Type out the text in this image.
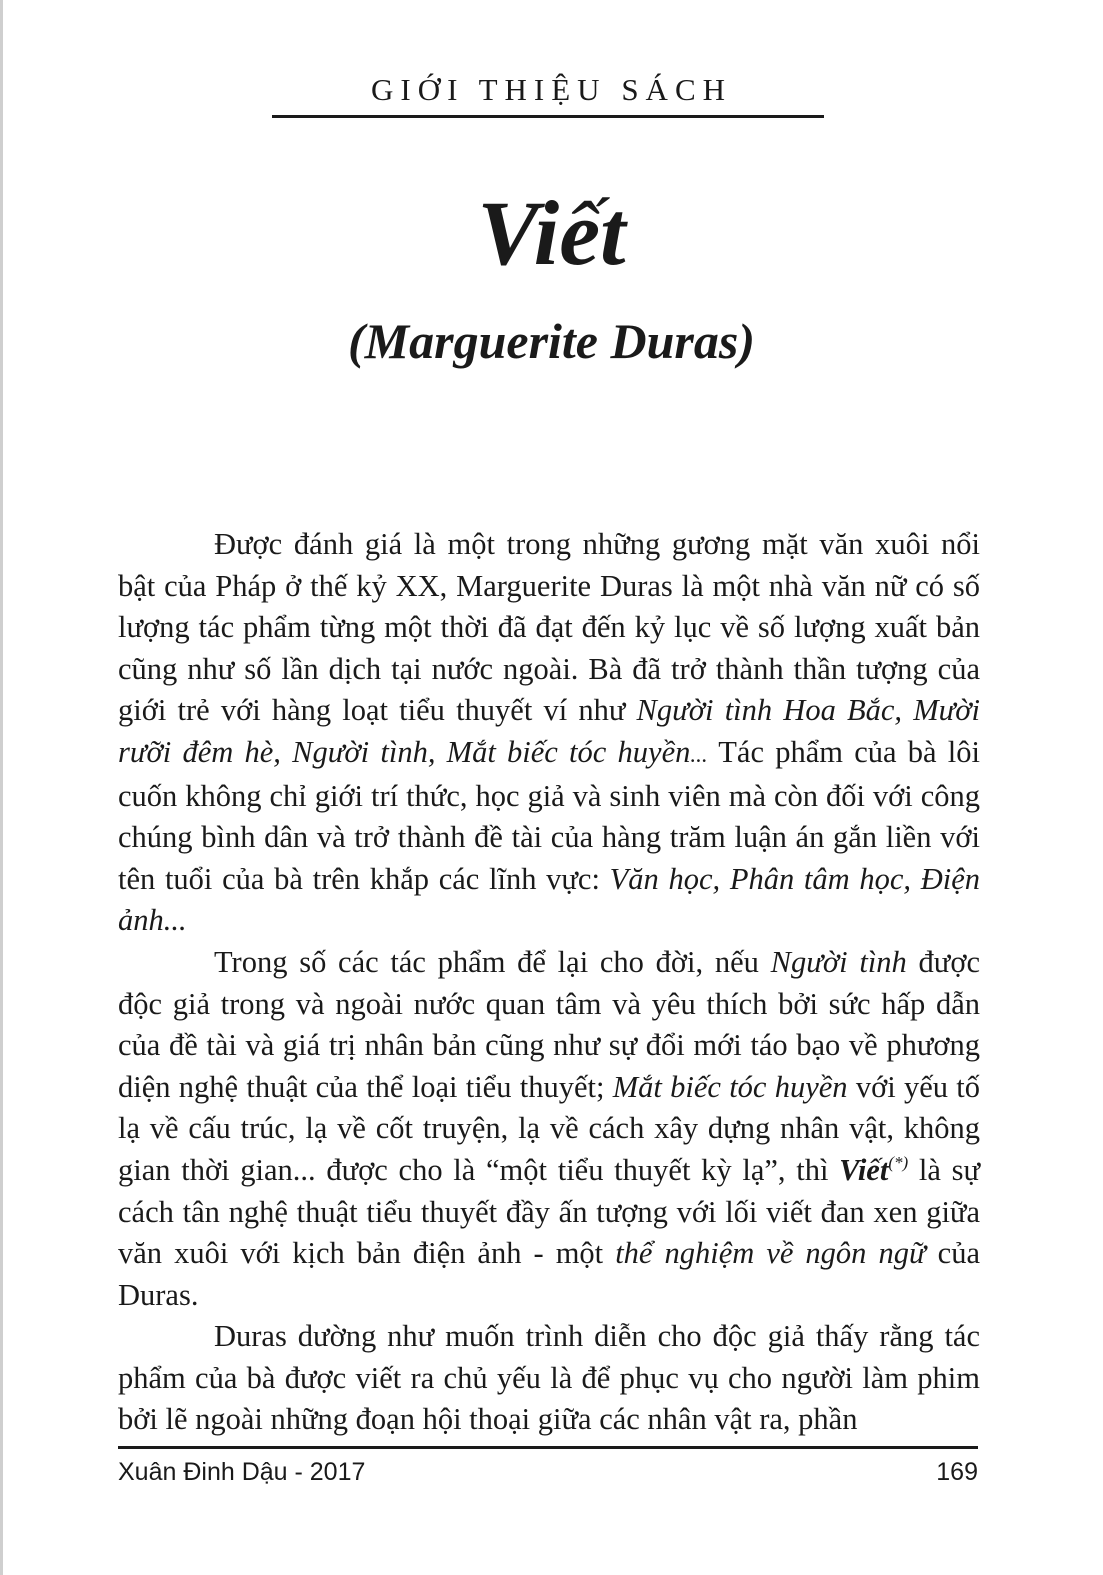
GIỚI THIỆU SÁCH
Viết
(Marguerite Duras)

Được đánh giá là một trong những gương mặt văn xuôi nổi bật của Pháp ở thế kỷ XX, Marguerite Duras là một nhà văn nữ có số lượng tác phẩm từng một thời đã đạt đến kỷ lục về số lượng xuất bản cũng như số lần dịch tại nước ngoài. Bà đã trở thành thần tượng của giới trẻ với hàng loạt tiểu thuyết ví như Người tình Hoa Bắc, Mười rưỡi đêm hè, Người tình, Mắt biếc tóc huyền... Tác phẩm của bà lôi cuốn không chỉ giới trí thức, học giả và sinh viên mà còn đối với công chúng bình dân và trở thành đề tài của hàng trăm luận án gắn liền với tên tuổi của bà trên khắp các lĩnh vực: Văn học, Phân tâm học, Điện ảnh...

Trong số các tác phẩm để lại cho đời, nếu Người tình được độc giả trong và ngoài nước quan tâm và yêu thích bởi sức hấp dẫn của đề tài và giá trị nhân bản cũng như sự đổi mới táo bạo về phương diện nghệ thuật của thể loại tiểu thuyết; Mắt biếc tóc huyền với yếu tố lạ về cấu trúc, lạ về cốt truyện, lạ về cách xây dựng nhân vật, không gian thời gian... được cho là “một tiểu thuyết kỳ lạ”, thì Viết(*) là sự cách tân nghệ thuật tiểu thuyết đầy ấn tượng với lối viết đan xen giữa văn xuôi với kịch bản điện ảnh - một thể nghiệm về ngôn ngữ của Duras.

Duras dường như muốn trình diễn cho độc giả thấy rằng tác phẩm của bà được viết ra chủ yếu là để phục vụ cho người làm phim bởi lẽ ngoài những đoạn hội thoại giữa các nhân vật ra, phần

Xuân Đinh Dậu - 2017	169
